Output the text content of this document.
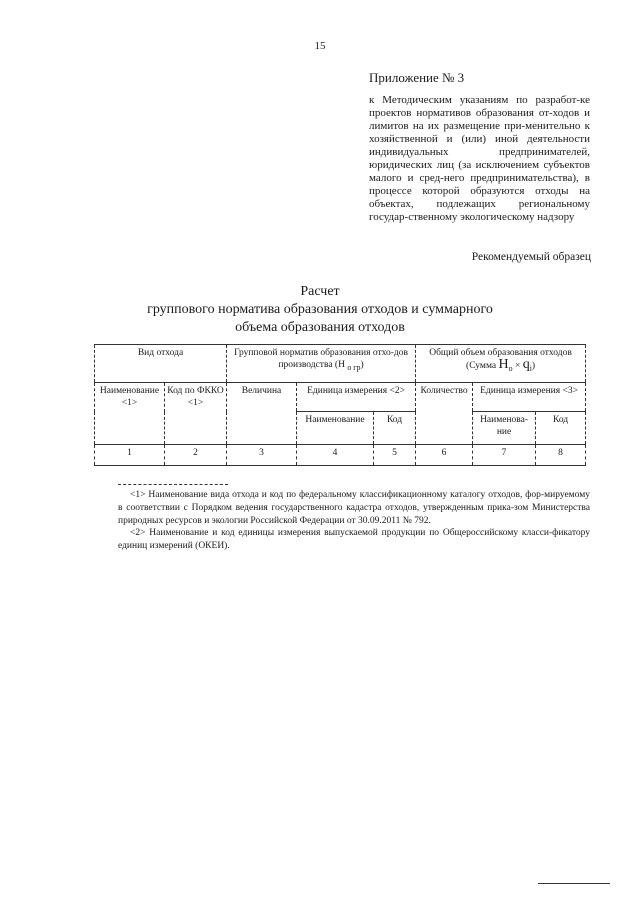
15
Приложение № 3
к Методическим указаниям по разработ-ке проектов нормативов образования от-ходов и лимитов на их размещение при-менительно к хозяйственной и (или) иной деятельности индивидуальных предпринимателей, юридических лиц (за исключением субъектов малого и сред-него предпринимательства), в процессе которой образуются отходы на объектах, подлежащих региональному государ-ственному экологическому надзору
Рекомендуемый образец
Расчет
группового норматива образования отходов и суммарного
объема образования отходов
Вид отхода		Групповой норматив образования отхо-дов производства (Н $_{о гр}$)			Общий объем образования отходов
(Сумма $Н_о \times q_i$)		

Наименование <1>	Код по ФККО <1>	Величина	Единица измерения <2>		Количество	Единица измерения <3>	
			Наименование	Код		Наименова-ние	Код
1	2	3	4	5	6	7	8
<1> Наименование вида отхода и код по федеральному классификационному каталогу отходов, фор-мируемому в соответствии с Порядком ведения государственного кадастра отходов, утвержденным прика-зом Министерства природных ресурсов и экологии Российской Федерации от 30.09.2011 № 792.
<2> Наименование и код единицы измерения выпускаемой продукции по Общероссийскому класси-фикатору единиц измерений (ОКЕИ).
